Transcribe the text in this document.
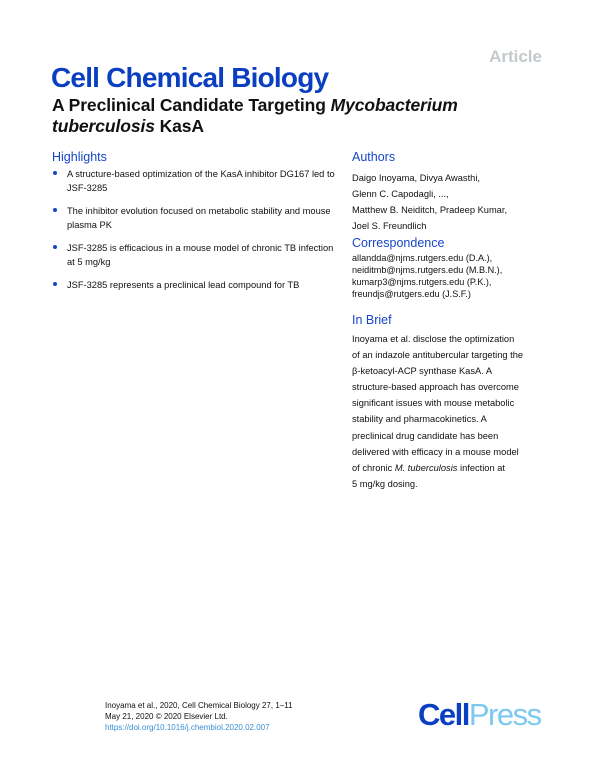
Article
Cell Chemical Biology
A Preclinical Candidate Targeting Mycobacterium
tuberculosis KasA
Highlights
A structure-based optimization of the KasA inhibitor DG167 led to JSF-3285
The inhibitor evolution focused on metabolic stability and mouse plasma PK
JSF-3285 is efficacious in a mouse model of chronic TB infection at 5 mg/kg
JSF-3285 represents a preclinical lead compound for TB
Authors
Daigo Inoyama, Divya Awasthi,
Glenn C. Capodagli, ...,
Matthew B. Neiditch, Pradeep Kumar,
Joel S. Freundlich
Correspondence
allandda@njms.rutgers.edu (D.A.),
neiditmb@njms.rutgers.edu (M.B.N.),
kumarp3@njms.rutgers.edu (P.K.),
freundjs@rutgers.edu (J.S.F.)
In Brief
Inoyama et al. disclose the optimization
of an indazole antitubercular targeting the
β-ketoacyl-ACP synthase KasA. A
structure-based approach has overcome
significant issues with mouse metabolic
stability and pharmacokinetics. A
preclinical drug candidate has been
delivered with efficacy in a mouse model
of chronic M. tuberculosis infection at
5 mg/kg dosing.
Inoyama et al., 2020, Cell Chemical Biology 27, 1–11
May 21, 2020 © 2020 Elsevier Ltd.
https://doi.org/10.1016/j.chembiol.2020.02.007	CellPress
